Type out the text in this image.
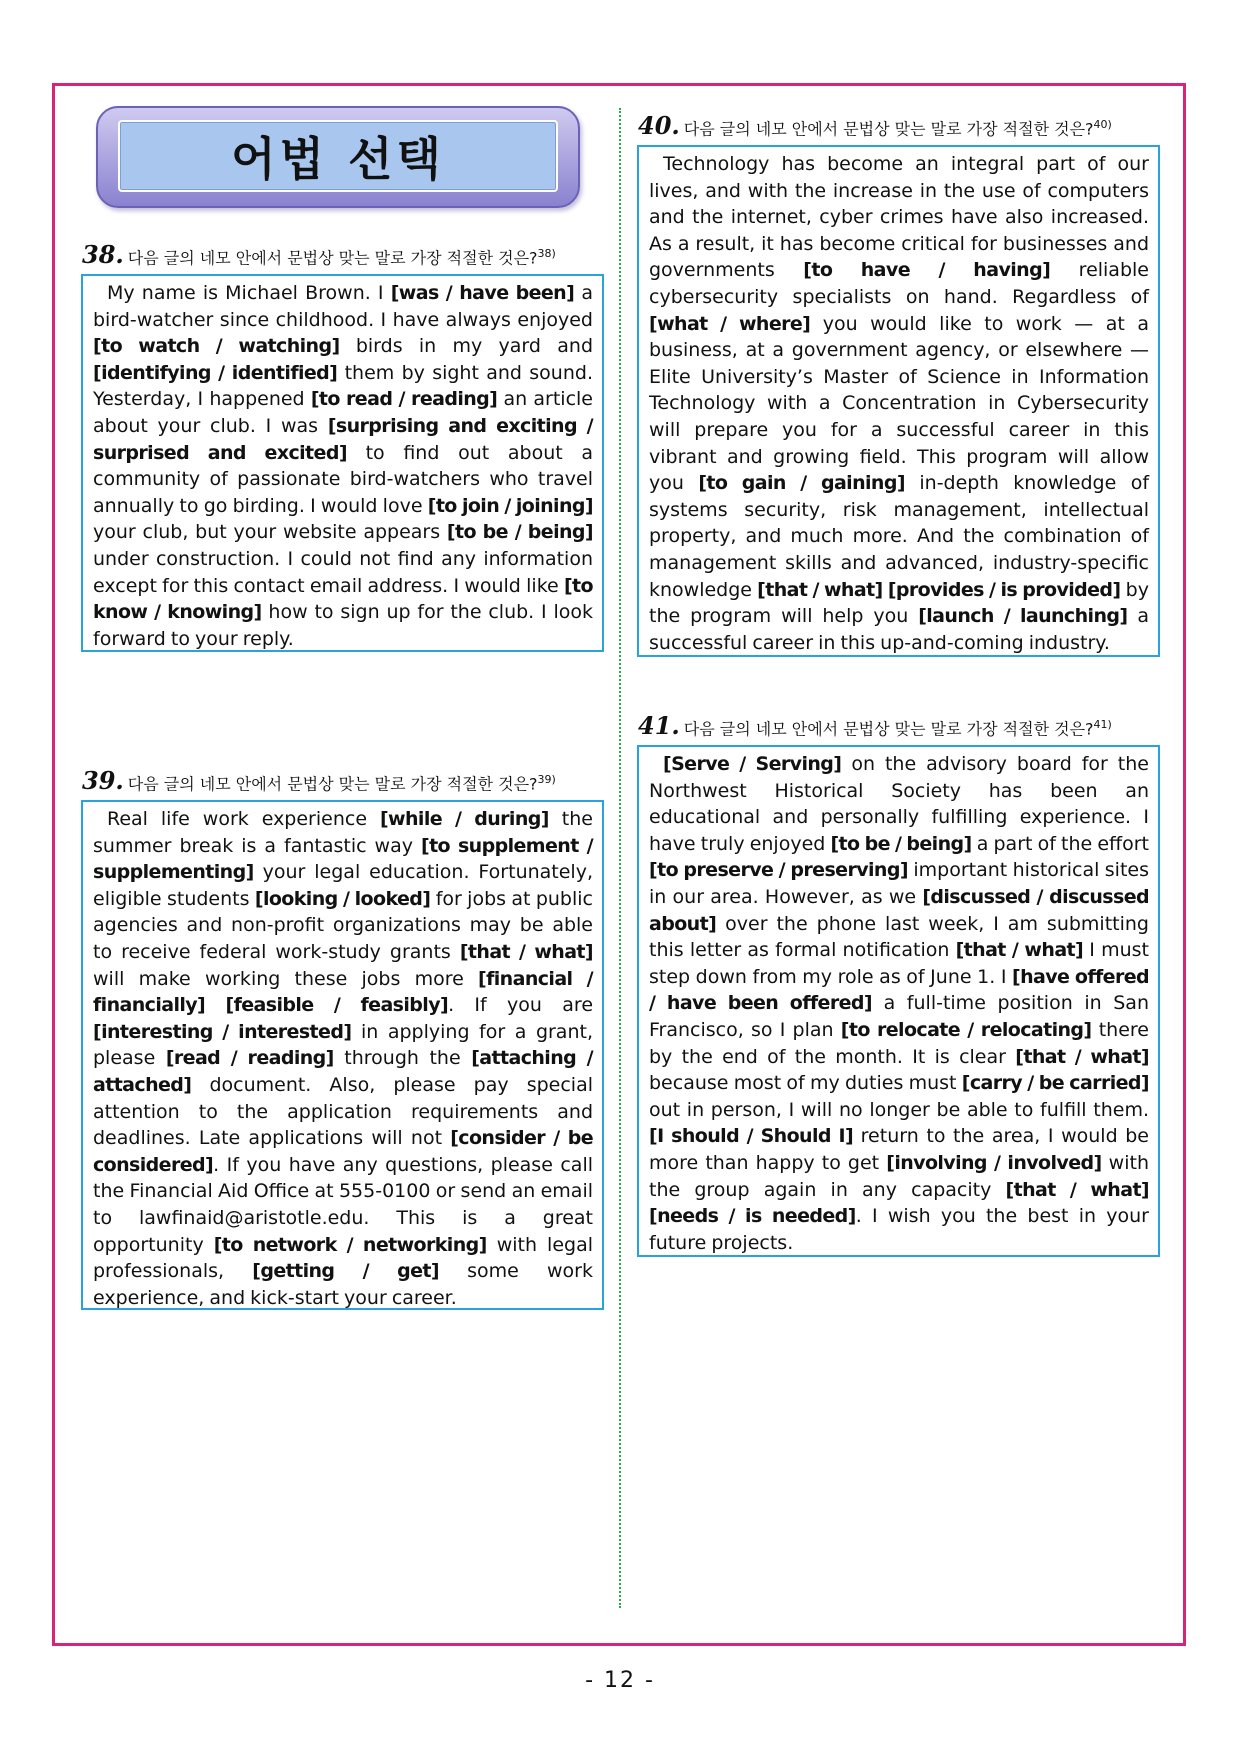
어법 선택
38. 다음 글의 네모 안에서 문법상 맞는 말로 가장 적절한 것은?$^{38)}$
My name is Michael Brown. I [was / have been] a bird-watcher since childhood. I have always enjoyed [to watch / watching] birds in my yard and [identifying / identified] them by sight and sound. Yesterday, I happened [to read / reading] an article about your club. I was [surprising and exciting / surprised and excited] to find out about a community of passionate bird-watchers who travel annually to go birding. I would love [to join / joining] your club, but your website appears [to be / being] under construction. I could not find any information except for this contact email address. I would like [to know / knowing] how to sign up for the club. I look forward to your reply.
39. 다음 글의 네모 안에서 문법상 맞는 말로 가장 적절한 것은?$^{39)}$
Real life work experience [while / during] the summer break is a fantastic way [to supplement / supplementing] your legal education. Fortunately, eligible students [looking / looked] for jobs at public agencies and non-profit organizations may be able to receive federal work-study grants [that / what] will make working these jobs more [financial / financially] [feasible / feasibly]. If you are [interesting / interested] in applying for a grant, please [read / reading] through the [attaching / attached] document. Also, please pay special attention to the application requirements and deadlines. Late applications will not [consider / be considered]. If you have any questions, please call the Financial Aid Office at 555-0100 or send an email to lawfinaid@aristotle.edu. This is a great opportunity [to network / networking] with legal professionals, [getting / get] some work experience, and kick-start your career.
40. 다음 글의 네모 안에서 문법상 맞는 말로 가장 적절한 것은?$^{40)}$
Technology has become an integral part of our lives, and with the increase in the use of computers and the internet, cyber crimes have also increased. As a result, it has become critical for businesses and governments [to have / having] reliable cybersecurity specialists on hand. Regardless of [what / where] you would like to work — at a business, at a government agency, or elsewhere — Elite University’s Master of Science in Information Technology with a Concentration in Cybersecurity will prepare you for a successful career in this vibrant and growing field. This program will allow you [to gain / gaining] in-depth knowledge of systems security, risk management, intellectual property, and much more. And the combination of management skills and advanced, industry-specific knowledge [that / what] [provides / is provided] by the program will help you [launch / launching] a successful career in this up-and-coming industry.
41. 다음 글의 네모 안에서 문법상 맞는 말로 가장 적절한 것은?$^{41)}$
[Serve / Serving] on the advisory board for the Northwest Historical Society has been an educational and personally fulfilling experience. I have truly enjoyed [to be / being] a part of the effort [to preserve / preserving] important historical sites in our area. However, as we [discussed / discussed about] over the phone last week, I am submitting this letter as formal notification [that / what] I must step down from my role as of June 1. I [have offered / have been offered] a full-time position in San Francisco, so I plan [to relocate / relocating] there by the end of the month. It is clear [that / what] because most of my duties must [carry / be carried] out in person, I will no longer be able to fulfill them. [I should / Should I] return to the area, I would be more than happy to get [involving / involved] with the group again in any capacity [that / what] [needs / is needed]. I wish you the best in your future projects.
- 12 -
